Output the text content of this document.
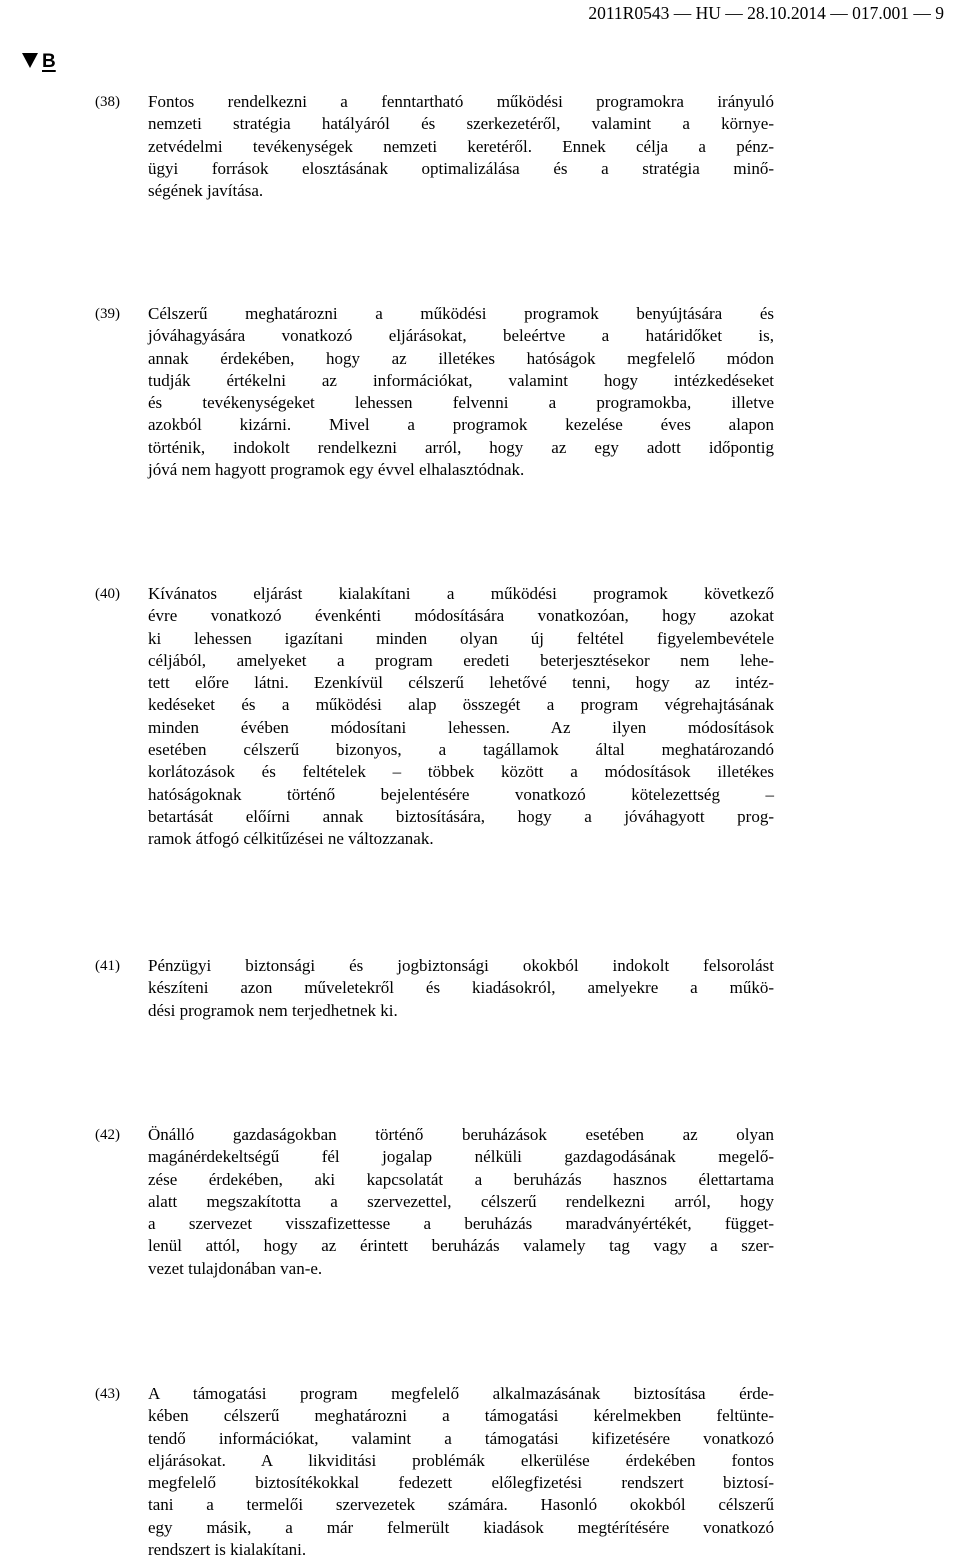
2011R0543 — HU — 28.10.2014 — 017.001 — 9
B
(38) Fontos rendelkezni a fenntartható működési programokra irányuló
nemzeti stratégia hatályáról és szerkezetéről, valamint a környe-
zetvédelmi tevékenységek nemzeti keretéről. Ennek célja a pénz-
ügyi források elosztásának optimalizálása és a stratégia minő-
ségének javítása.
(39) Célszerű meghatározni a működési programok benyújtására és
jóváhagyására vonatkozó eljárásokat, beleértve a határidőket is,
annak érdekében, hogy az illetékes hatóságok megfelelő módon
tudják értékelni az információkat, valamint hogy intézkedéseket
és tevékenységeket lehessen felvenni a programokba, illetve
azokból kizárni. Mivel a programok kezelése éves alapon
történik, indokolt rendelkezni arról, hogy az egy adott időpontig
jóvá nem hagyott programok egy évvel elhalasztódnak.
(40) Kívánatos eljárást kialakítani a működési programok következő
évre vonatkozó évenkénti módosítására vonatkozóan, hogy azokat
ki lehessen igazítani minden olyan új feltétel figyelembevétele
céljából, amelyeket a program eredeti beterjesztésekor nem lehe-
tett előre látni. Ezenkívül célszerű lehetővé tenni, hogy az intéz-
kedéseket és a működési alap összegét a program végrehajtásának
minden évében módosítani lehessen. Az ilyen módosítások
esetében célszerű bizonyos, a tagállamok által meghatározandó
korlátozások és feltételek – többek között a módosítások illetékes
hatóságoknak történő bejelentésére vonatkozó kötelezettség –
betartását előírni annak biztosítására, hogy a jóváhagyott prog-
ramok átfogó célkitűzései ne változzanak.
(41) Pénzügyi biztonsági és jogbiztonsági okokból indokolt felsorolást
készíteni azon műveletekről és kiadásokról, amelyekre a műkö-
dési programok nem terjedhetnek ki.
(42) Önálló gazdaságokban történő beruházások esetében az olyan
magánérdekeltségű fél jogalap nélküli gazdagodásának megelő-
zése érdekében, aki kapcsolatát a beruházás hasznos élettartama
alatt megszakította a szervezettel, célszerű rendelkezni arról, hogy
a szervezet visszafizettesse a beruházás maradványértékét, függet-
lenül attól, hogy az érintett beruházás valamely tag vagy a szer-
vezet tulajdonában van-e.
(43) A támogatási program megfelelő alkalmazásának biztosítása érde-
kében célszerű meghatározni a támogatási kérelmekben feltünte-
tendő információkat, valamint a támogatási kifizetésére vonatkozó
eljárásokat. A likviditási problémák elkerülése érdekében fontos
megfelelő biztosítékokkal fedezett előlegfizetési rendszert biztosí-
tani a termelői szervezetek számára. Hasonló okokból célszerű
egy másik, a már felmerült kiadások megtérítésére vonatkozó
rendszert is kialakítani.
